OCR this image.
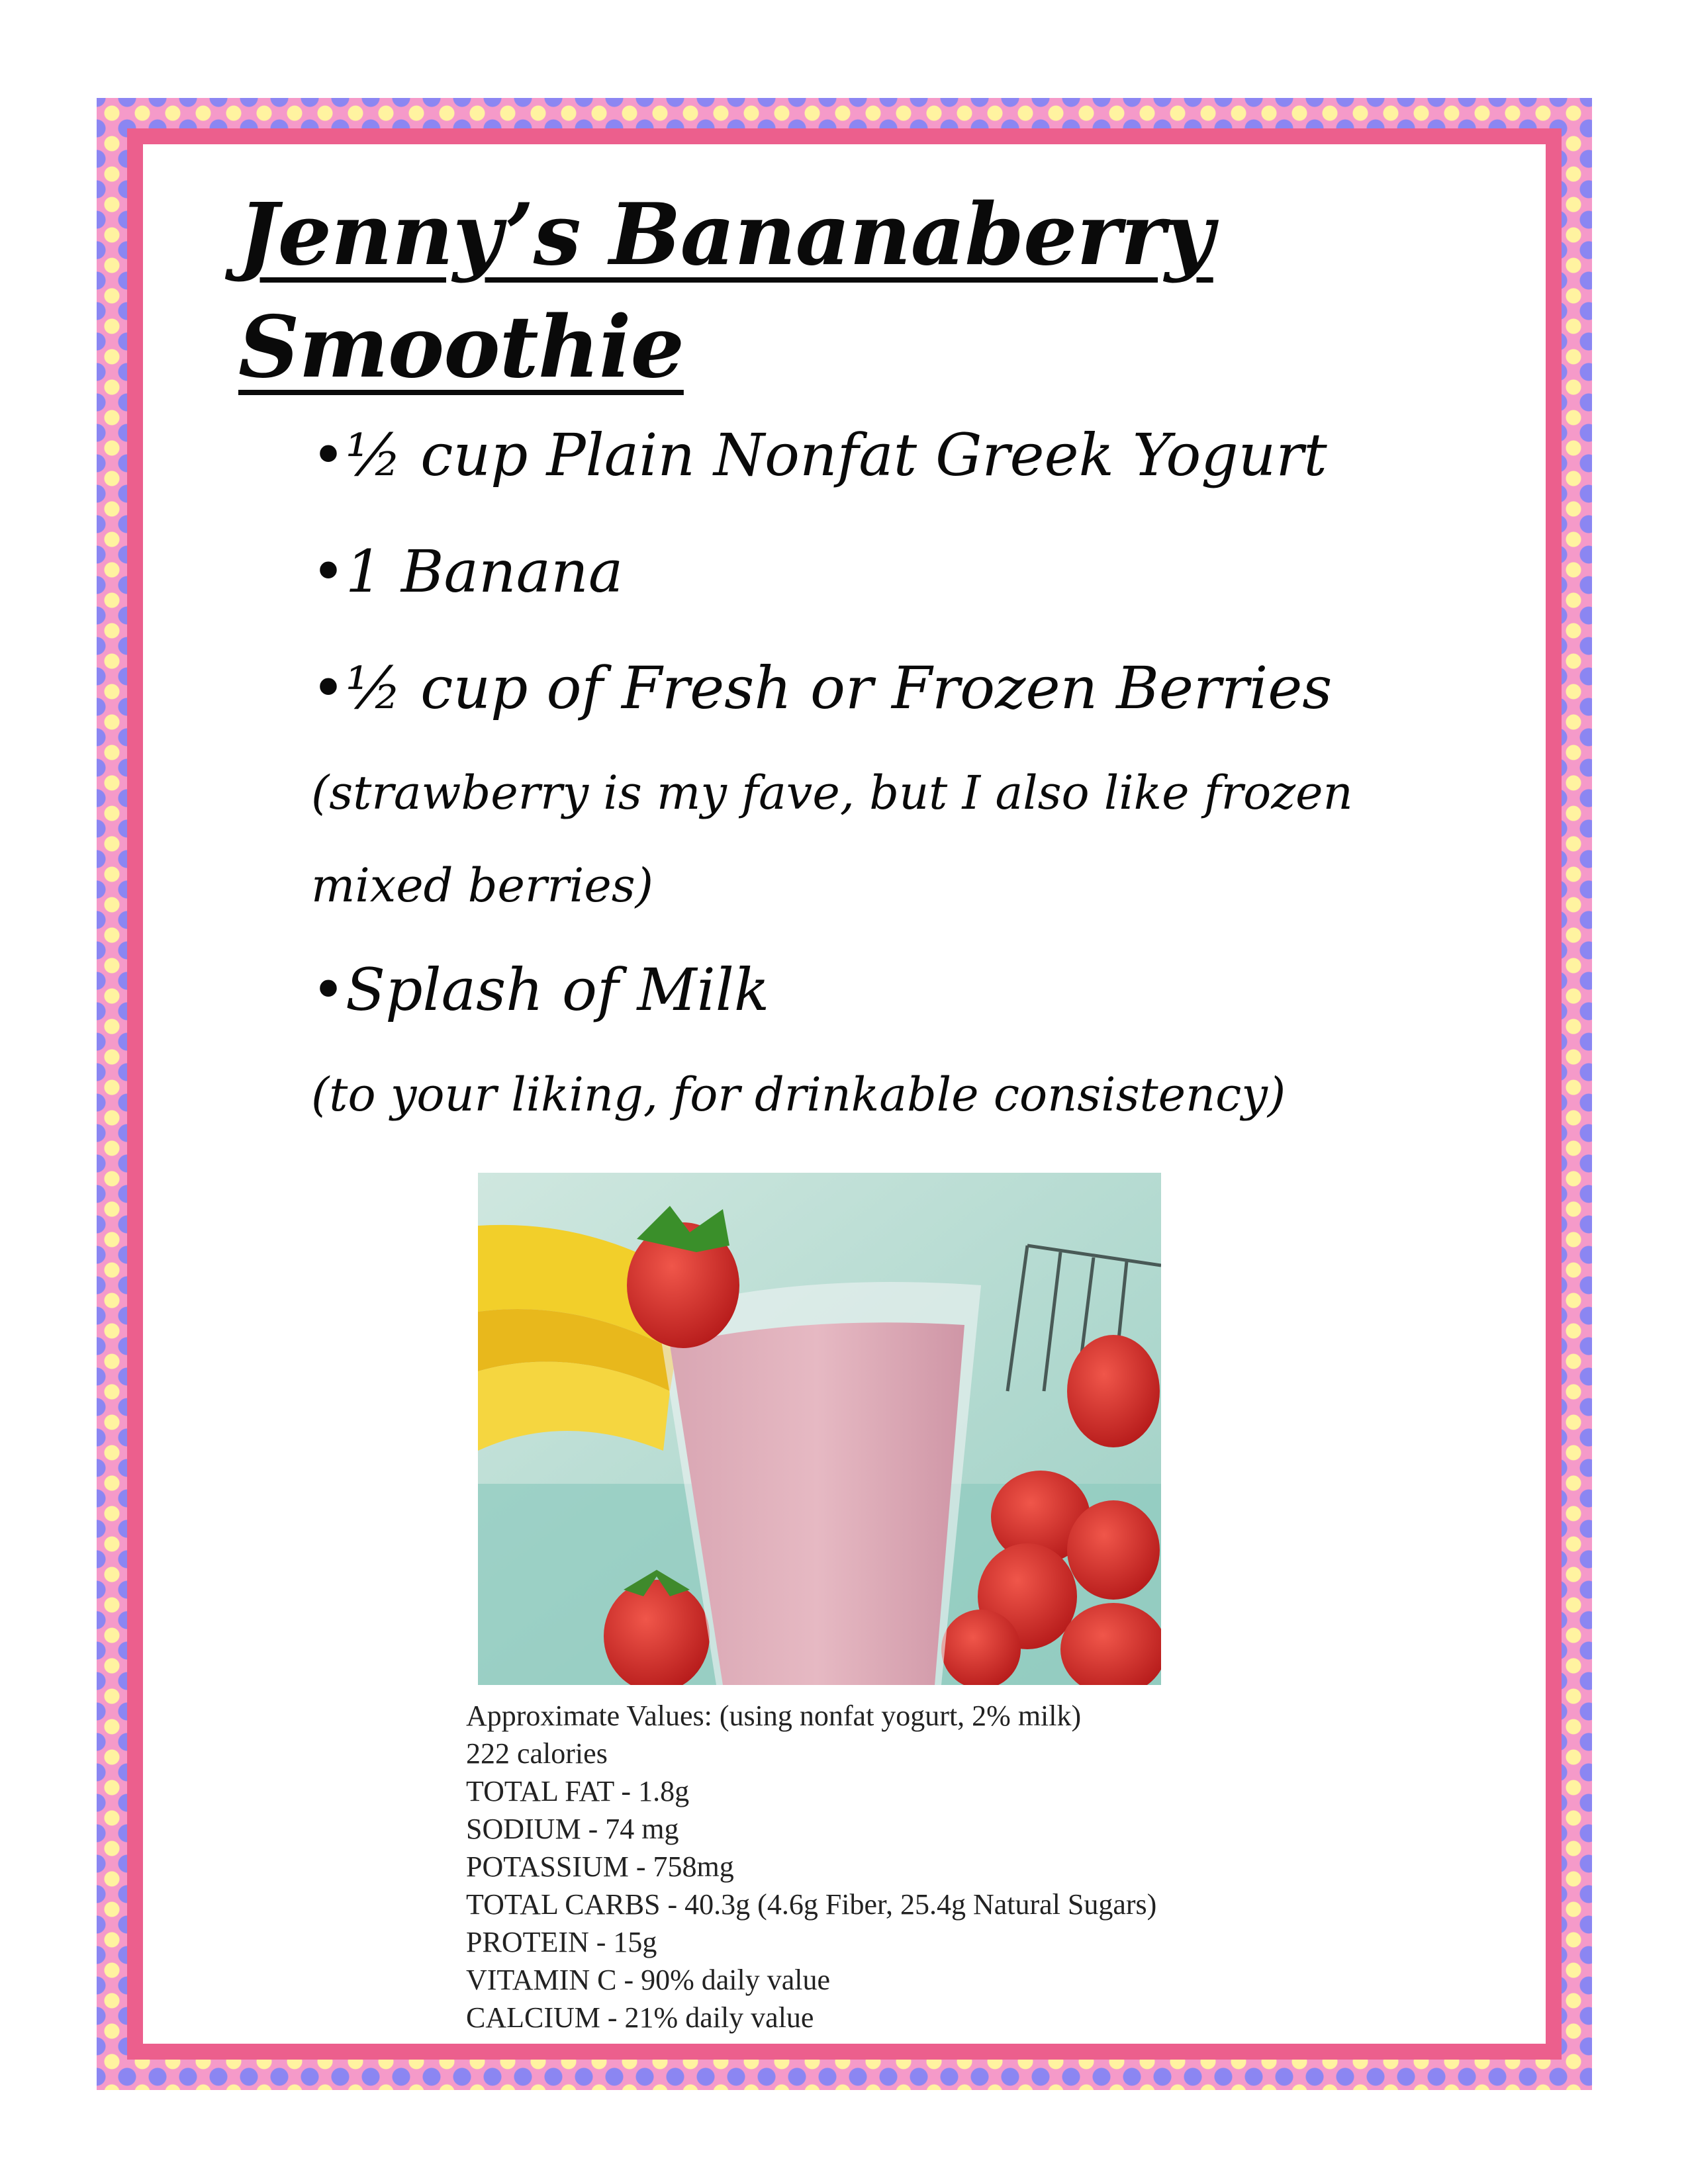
Jenny’s Bananaberry Smoothie
•½ cup Plain Nonfat Greek Yogurt
•1 Banana
•½ cup of Fresh or Frozen Berries
(strawberry is my fave, but I also like frozen
mixed berries)
•Splash of Milk
(to your liking, for drinkable consistency)
Approximate Values: (using nonfat yogurt, 2% milk)
222 calories
TOTAL FAT - 1.8g
SODIUM - 74 mg
POTASSIUM - 758mg
TOTAL CARBS - 40.3g (4.6g Fiber, 25.4g Natural Sugars)
PROTEIN - 15g
VITAMIN C - 90% daily value
CALCIUM - 21% daily value
